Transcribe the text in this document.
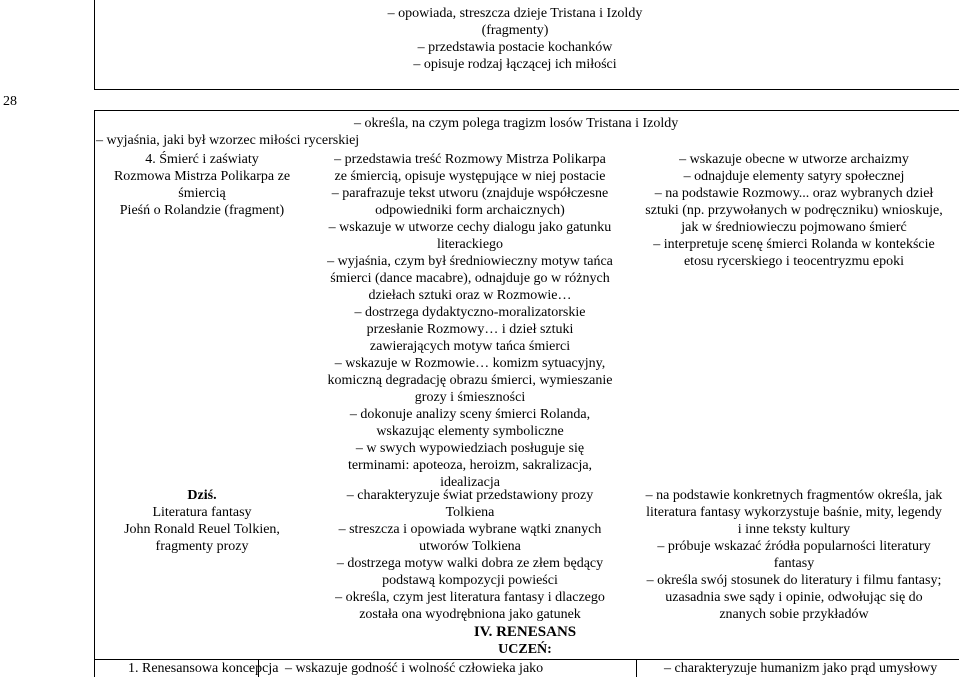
– opowiada, streszcza dzieje Tristana i Izoldy
(fragmenty)
– przedstawia postacie kochanków
– opisuje rodzaj łączącej ich miłości
28
– określa, na czym polega tragizm losów Tristana i Izoldy
– wyjaśnia, jaki był wzorzec miłości rycerskiej
4. Śmierć i zaświaty
Rozmowa Mistrza Polikarpa ze
śmiercią
Pieśń o Rolandzie (fragment)
– przedstawia treść Rozmowy Mistrza Polikarpa
ze śmiercią, opisuje występujące w niej postacie
– parafrazuje tekst utworu (znajduje współczesne
odpowiedniki form archaicznych)
– wskazuje w utworze cechy dialogu jako gatunku
literackiego
– wyjaśnia, czym był średniowieczny motyw tańca
śmierci (dance macabre), odnajduje go w różnych
dziełach sztuki oraz w Rozmowie…
– dostrzega dydaktyczno-moralizatorskie
przesłanie Rozmowy… i dzieł sztuki
zawierających motyw tańca śmierci
– wskazuje w Rozmowie… komizm sytuacyjny,
komiczną degradację obrazu śmierci, wymieszanie
grozy i śmieszności
– dokonuje analizy sceny śmierci Rolanda,
wskazując elementy symboliczne
– w swych wypowiedziach posługuje się
terminami: apoteoza, heroizm, sakralizacja,
idealizacja
– wskazuje obecne w utworze archaizmy
– odnajduje elementy satyry społecznej
– na podstawie Rozmowy... oraz wybranych dzieł
sztuki (np. przywołanych w podręczniku) wnioskuje,
jak w średniowieczu pojmowano śmierć
– interpretuje scenę śmierci Rolanda w kontekście
etosu rycerskiego i teocentryzmu epoki
Dziś.
Literatura fantasy
John Ronald Reuel Tolkien,
fragmenty prozy
– charakteryzuje świat przedstawiony prozy
Tolkiena
– streszcza i opowiada wybrane wątki znanych
utworów Tolkiena
– dostrzega motyw walki dobra ze złem będący
podstawą kompozycji powieści
– określa, czym jest literatura fantasy i dlaczego
została ona wyodrębniona jako gatunek
– na podstawie konkretnych fragmentów określa, jak
literatura fantasy wykorzystuje baśnie, mity, legendy
i inne teksty kultury
– próbuje wskazać źródła popularności literatury
fantasy
– określa swój stosunek do literatury i filmu fantasy;
uzasadnia swe sądy i opinie, odwołując się do
znanych sobie przykładów
IV. RENESANS
UCZEŃ:
1. Renesansowa koncepcja – wskazuje godność i wolność człowieka jako	– charakteryzuje humanizm jako prąd umysłowy
